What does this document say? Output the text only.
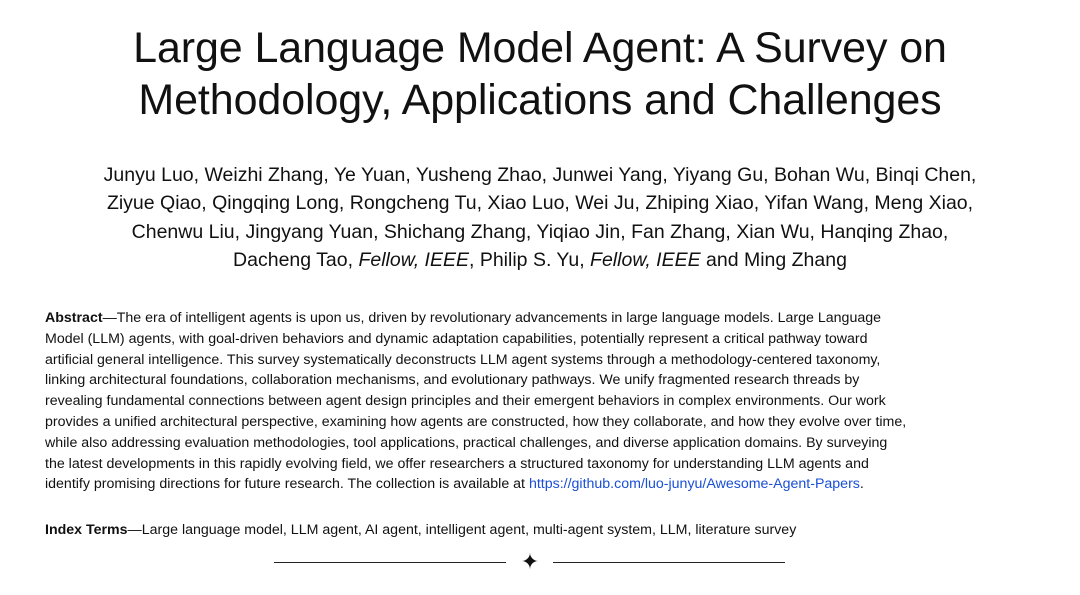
Large Language Model Agent: A Survey on
Methodology, Applications and Challenges
Junyu Luo, Weizhi Zhang, Ye Yuan, Yusheng Zhao, Junwei Yang, Yiyang Gu, Bohan Wu, Binqi Chen,
Ziyue Qiao, Qingqing Long, Rongcheng Tu, Xiao Luo, Wei Ju, Zhiping Xiao, Yifan Wang, Meng Xiao,
Chenwu Liu, Jingyang Yuan, Shichang Zhang, Yiqiao Jin, Fan Zhang, Xian Wu, Hanqing Zhao,
Dacheng Tao, Fellow, IEEE, Philip S. Yu, Fellow, IEEE and Ming Zhang
Abstract—The era of intelligent agents is upon us, driven by revolutionary advancements in large language models. Large Language
Model (LLM) agents, with goal-driven behaviors and dynamic adaptation capabilities, potentially represent a critical pathway toward
artificial general intelligence. This survey systematically deconstructs LLM agent systems through a methodology-centered taxonomy,
linking architectural foundations, collaboration mechanisms, and evolutionary pathways. We unify fragmented research threads by
revealing fundamental connections between agent design principles and their emergent behaviors in complex environments. Our work
provides a unified architectural perspective, examining how agents are constructed, how they collaborate, and how they evolve over time,
while also addressing evaluation methodologies, tool applications, practical challenges, and diverse application domains. By surveying
the latest developments in this rapidly evolving field, we offer researchers a structured taxonomy for understanding LLM agents and
identify promising directions for future research. The collection is available at https://github.com/luo-junyu/Awesome-Agent-Papers.
Index Terms—Large language model, LLM agent, AI agent, intelligent agent, multi-agent system, LLM, literature survey
✦
